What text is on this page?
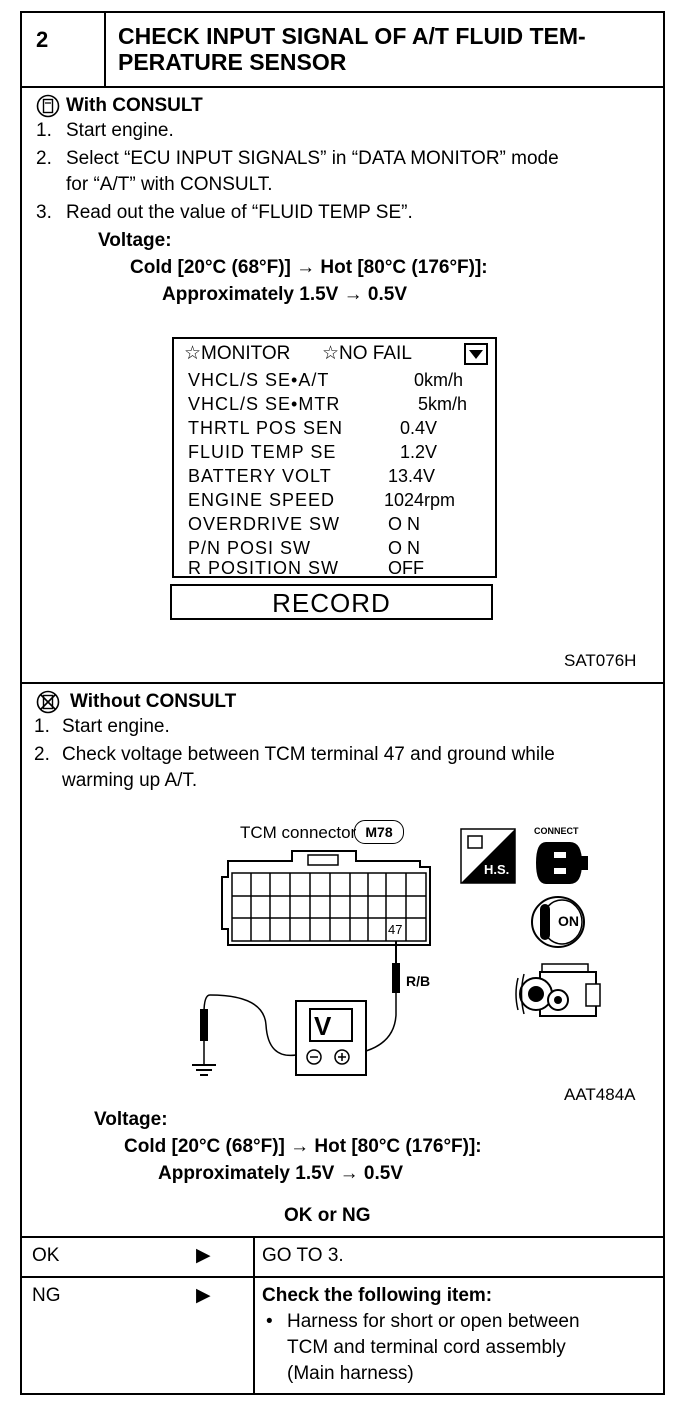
2	CHECK INPUT SIGNAL OF A/T FLUID TEM-
PERATURE SENSOR
With CONSULT
1. Start engine.
2. Select “ECU INPUT SIGNALS” in “DATA MONITOR” mode
for “A/T” with CONSULT.
3. Read out the value of “FLUID TEMP SE”.
Voltage:
Cold [20°C (68°F)] → Hot [80°C (176°F)]:
Approximately 1.5V → 0.5V
☆MONITOR ☆NO FAIL
VHCL/S SE•A/T	0km/h
VHCL/S SE•MTR	5km/h
THRTL POS SEN	0.4V
FLUID TEMP SE	1.2V
BATTERY VOLT	13.4V
ENGINE SPEED	1024rpm
OVERDRIVE SW	O N
P/N POSI SW	O N
R POSITION SW	OFF
RECORD
SAT076H
Without CONSULT
1. Start engine.
2. Check voltage between TCM terminal 47 and ground while
warming up A/T.
TCM connector M78
47
R/B
V
H.S.
CONNECT
ON
AAT484A
Voltage:
Cold [20°C (68°F)] → Hot [80°C (176°F)]:
Approximately 1.5V → 0.5V
OK or NG
OK	▶	GO TO 3.
NG	▶	Check the following item:
• Harness for short or open between
TCM and terminal cord assembly
(Main harness)
